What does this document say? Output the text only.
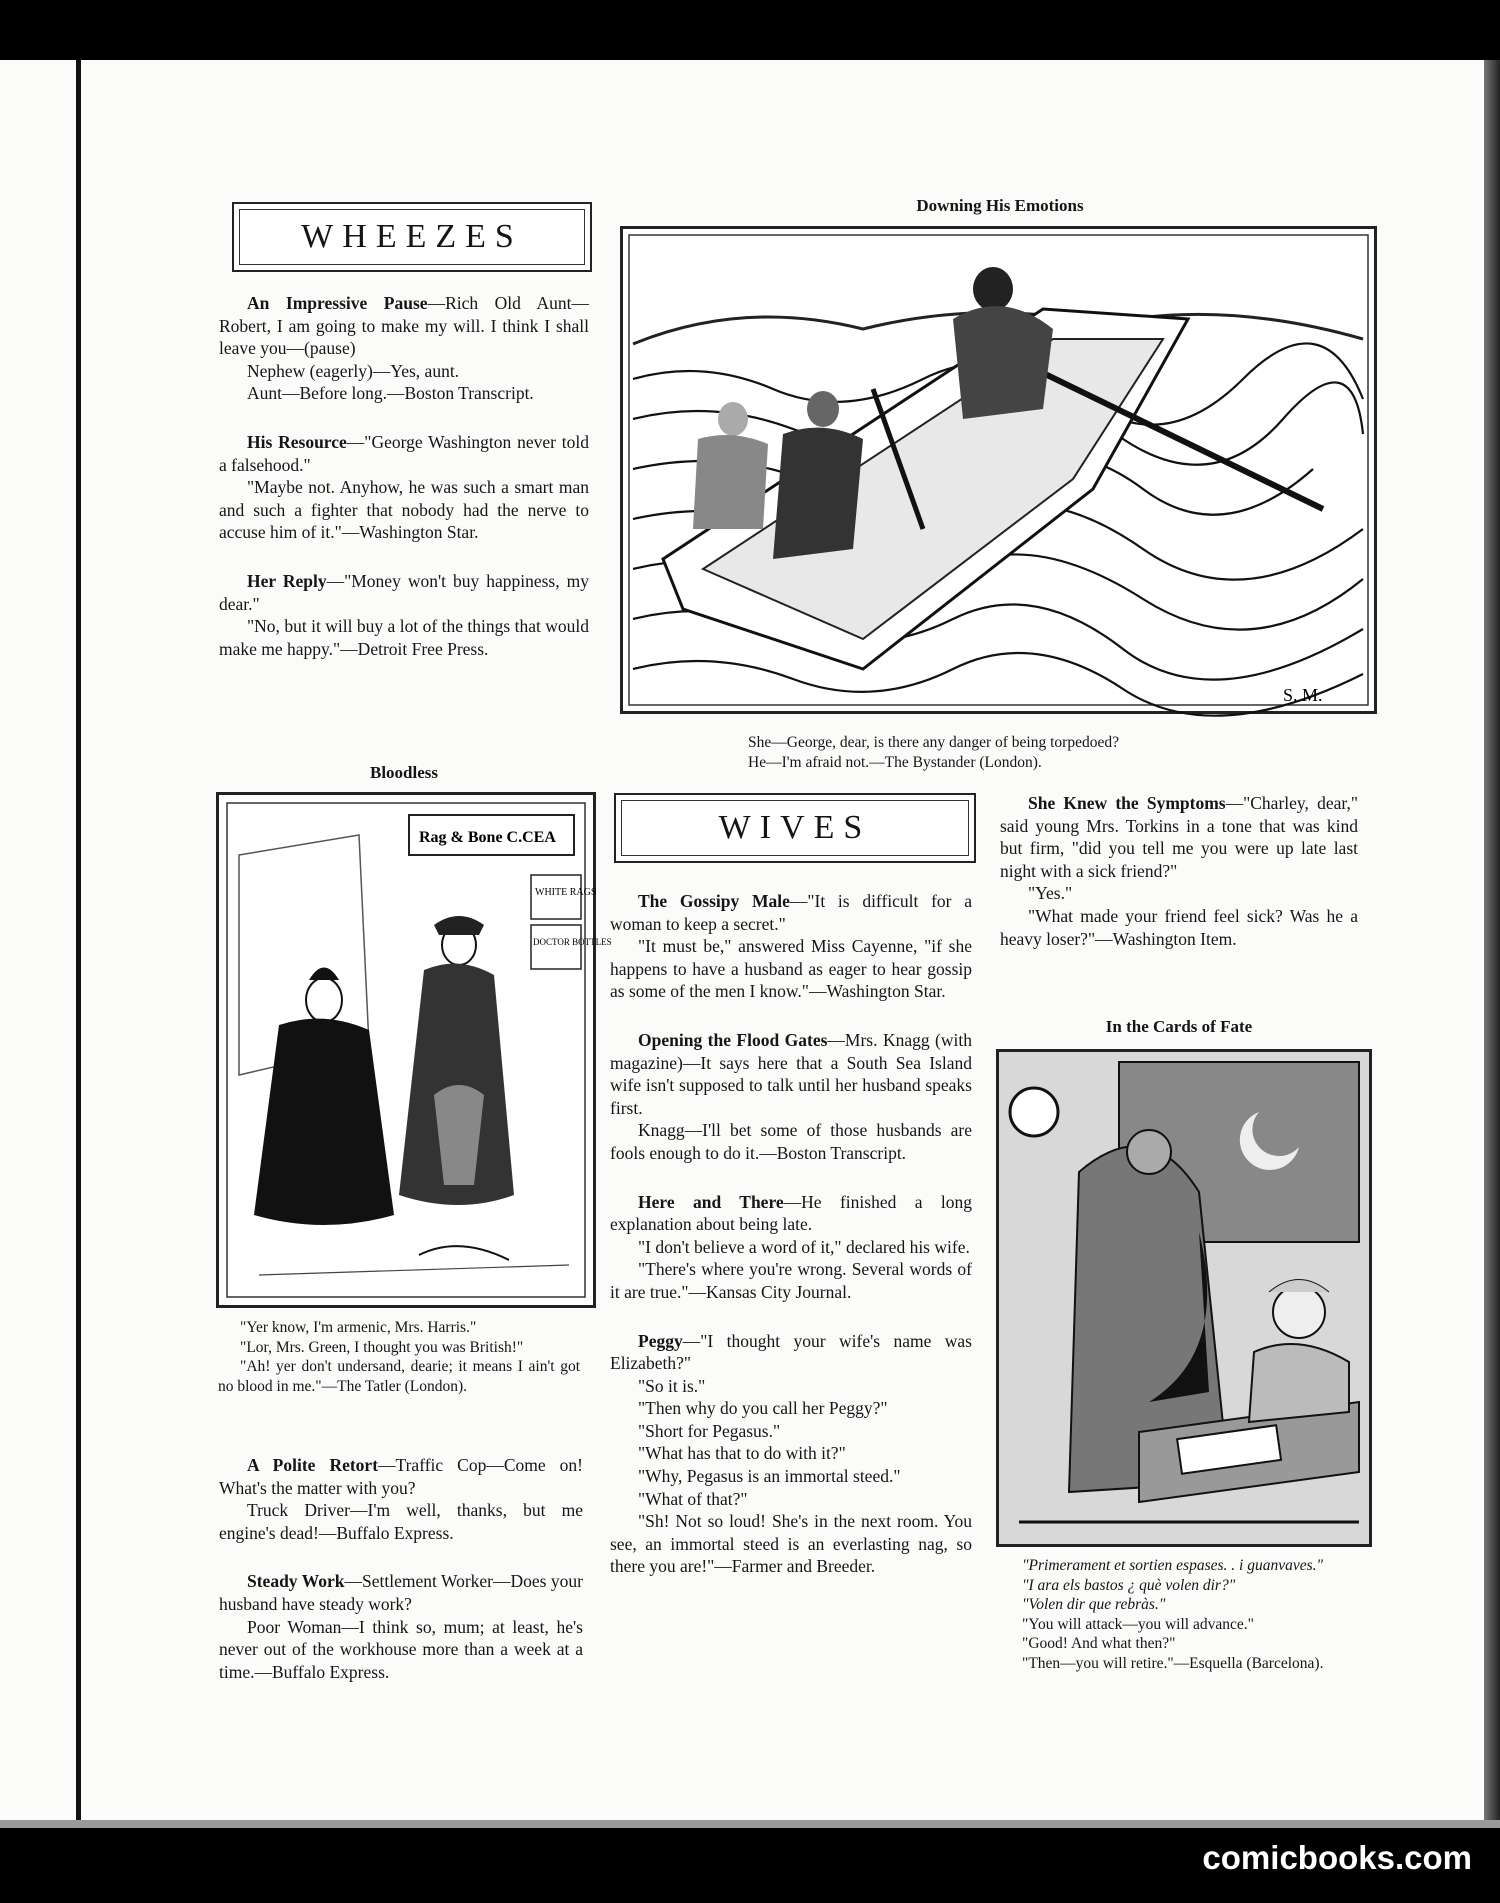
WHEEZES

An Impressive Pause—Rich Old Aunt—Robert, I am going to make my will. I think I shall leave you—(pause)

Nephew (eagerly)—Yes, aunt.

Aunt—Before long.—Boston Transcript.

His Resource—"George Washington never told a falsehood."

"Maybe not. Anyhow, he was such a smart man and such a fighter that nobody had the nerve to accuse him of it."—Washington Star.

Her Reply—"Money won't buy happiness, my dear."

"No, but it will buy a lot of the things that would make me happy."—Detroit Free Press.

Downing His Emotions
S. M.

She—George, dear, is there any danger of being torpedoed?

He—I'm afraid not.—The Bystander (London).

Bloodless
Rag & Bone C.CEA
WHITE RAGS
DOCTOR BOTTLES

"Yer know, I'm armenic, Mrs. Harris."

"Lor, Mrs. Green, I thought you was British!"

"Ah! yer don't undersand, dearie; it means I ain't got no blood in me."—The Tatler (London).

A Polite Retort—Traffic Cop—Come on! What's the matter with you?

Truck Driver—I'm well, thanks, but me engine's dead!—Buffalo Express.

Steady Work—Settlement Worker—Does your husband have steady work?

Poor Woman—I think so, mum; at least, he's never out of the workhouse more than a week at a time.—Buffalo Express.

WIVES

The Gossipy Male—"It is difficult for a woman to keep a secret."

"It must be," answered Miss Cayenne, "if she happens to have a husband as eager to hear gossip as some of the men I know."—Washington Star.

Opening the Flood Gates—Mrs. Knagg (with magazine)—It says here that a South Sea Island wife isn't supposed to talk until her husband speaks first.

Knagg—I'll bet some of those husbands are fools enough to do it.—Boston Transcript.

Here and There—He finished a long explanation about being late.

"I don't believe a word of it," declared his wife.

"There's where you're wrong. Several words of it are true."—Kansas City Journal.

Peggy—"I thought your wife's name was Elizabeth?"

"So it is."

"Then why do you call her Peggy?"

"Short for Pegasus."

"What has that to do with it?"

"Why, Pegasus is an immortal steed."

"What of that?"

"Sh! Not so loud! She's in the next room. You see, an immortal steed is an everlasting nag, so there you are!"—Farmer and Breeder.

She Knew the Symptoms—"Charley, dear," said young Mrs. Torkins in a tone that was kind but firm, "did you tell me you were up late last night with a sick friend?"

"Yes."

"What made your friend feel sick? Was he a heavy loser?"—Washington Item.

In the Cards of Fate

"Primerament et sortien espases. . i guanvaves."

"I ara els bastos ¿ què volen dir?"

"Volen dir que rebràs."

"You will attack—you will advance."

"Good! And what then?"

"Then—you will retire."—Esquella (Barcelona).

comicbooks.com
